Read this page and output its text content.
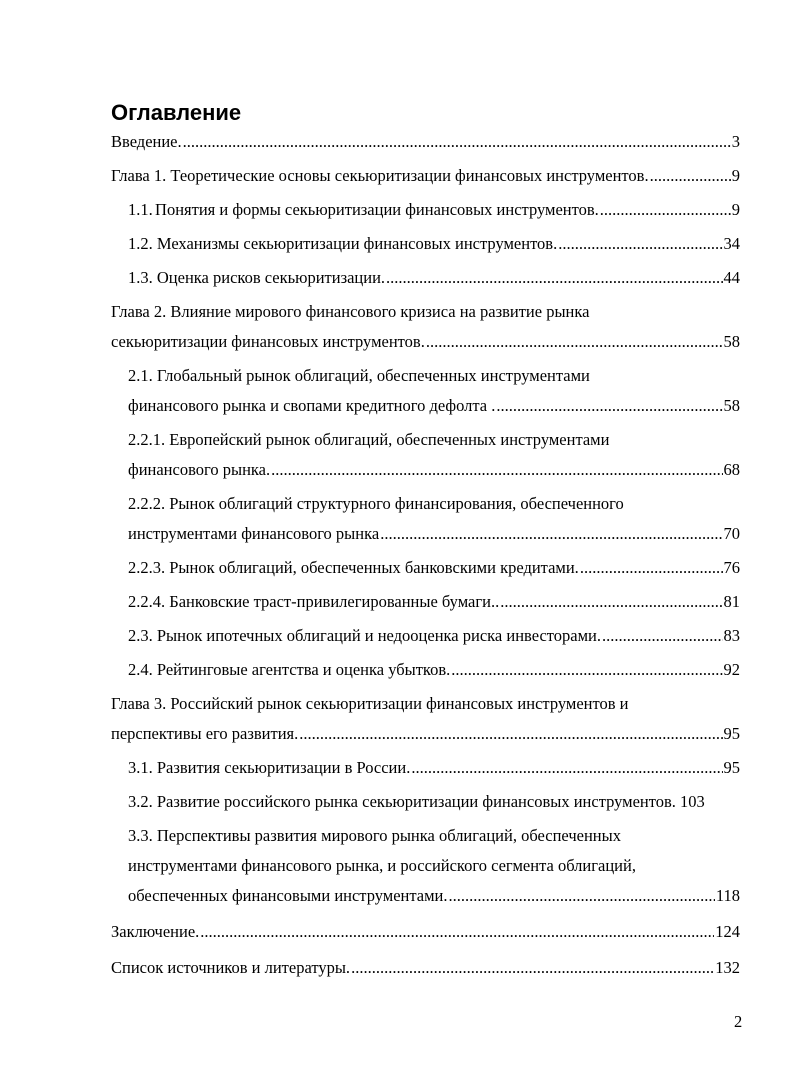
Оглавление
Введение. .....	3
Глава 1. Теоретические основы секьюритизации финансовых инструментов. .....	9
1.1. Понятия и формы секьюритизации финансовых инструментов. .....	9
1.2. Механизмы секьюритизации финансовых инструментов. .....	34
1.3. Оценка рисков секьюритизации. .....	44
Глава 2. Влияние мирового финансового кризиса на развитие рынка
секьюритизации финансовых инструментов. .....	58
2.1. Глобальный рынок облигаций, обеспеченных инструментами
финансового рынка и свопами кредитного дефолта . .....	58
2.2.1. Европейский рынок облигаций, обеспеченных инструментами
финансового рынка. .....	68
2.2.2. Рынок облигаций структурного финансирования, обеспеченного
инструментами финансового рынка .....	70
2.2.3. Рынок облигаций, обеспеченных банковскими кредитами. .....	76
2.2.4. Банковские траст-привилегированные бумаги.. .....	81
2.3. Рынок ипотечных облигаций и недооценка риска инвесторами. .....	83
2.4. Рейтинговые агентства и оценка убытков. .....	92
Глава 3. Российский рынок секьюритизации финансовых инструментов и
перспективы его развития. .....	95
3.1. Развития секьюритизации в России. .....	95
3.2. Развитие российского рынка секьюритизации финансовых инструментов. 103
3.3. Перспективы развития мирового рынка облигаций, обеспеченных
инструментами финансового рынка, и российского сегмента облигаций,
обеспеченных финансовыми инструментами. .....	118
Заключение. .....	124
Список источников и литературы. .....	132
2
